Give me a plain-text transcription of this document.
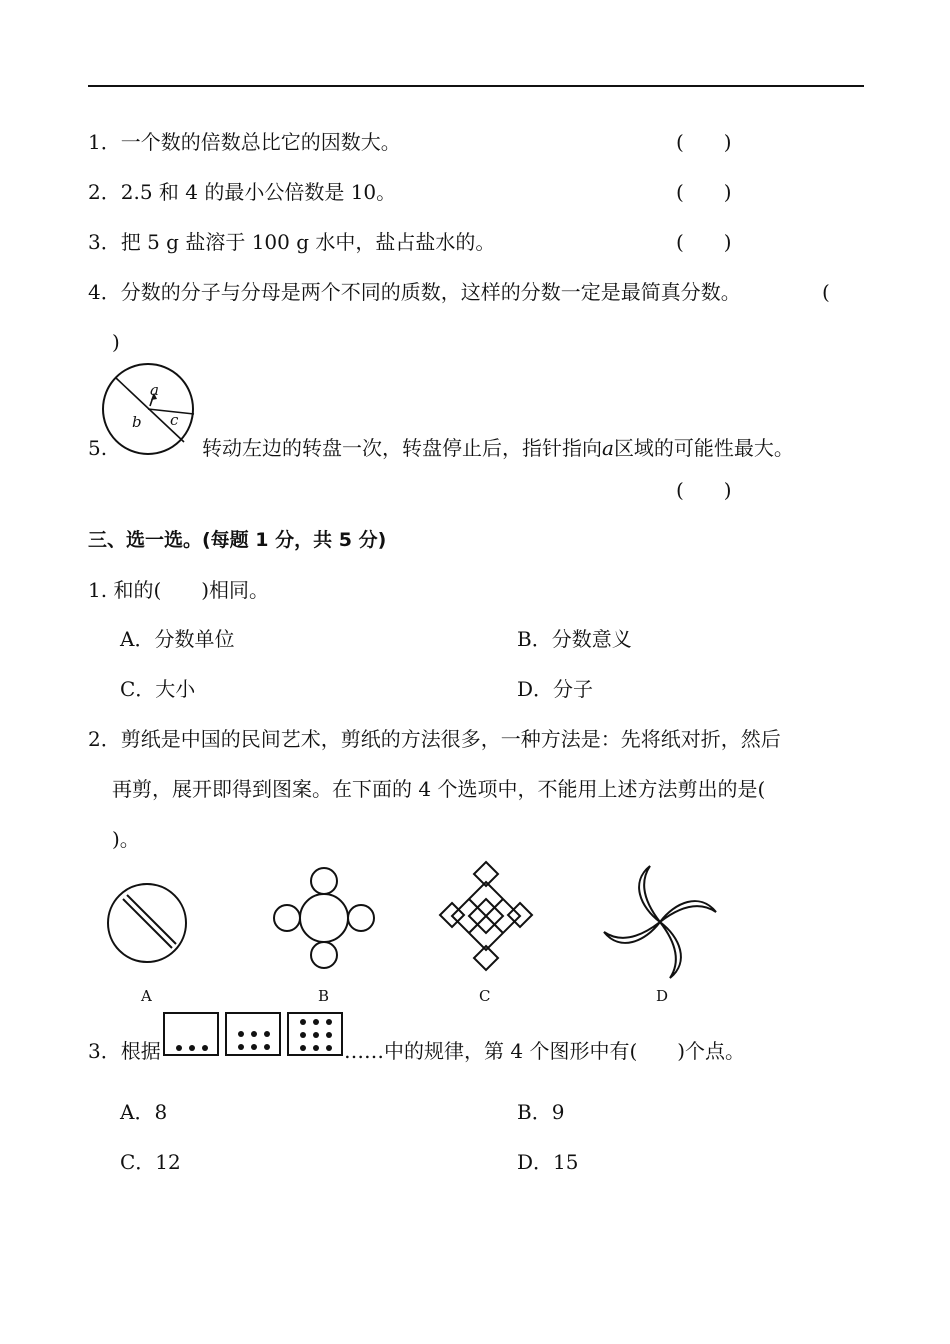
1．一个数的倍数总比它的因数大。	(　　)
2．2.5 和 4 的最小公倍数是 10。	(　　)
3．把 5 g 盐溶于 100 g 水中，盐占盐水的。	(　　)
4．分数的分子与分母是两个不同的质数，这样的分数一定是最简真分数。	(
)
a
b c
5.	转动左边的转盘一次，转盘停止后，指针指向a区域的可能性最大。
(　　)
三、选一选。(每题 1 分，共 5 分)
1. 和的(　　)相同。
A．分数单位	B．分数意义
C．大小	D．分子
2．剪纸是中国的民间艺术，剪纸的方法很多，一种方法是：先将纸对折，然后
再剪，展开即得到图案。在下面的 4 个选项中，不能用上述方法剪出的是(
)。
A	B	C	D
3．根据	……中的规律，第 4 个图形中有(　　)个点。
A．8	B．9
C．12	D．15
